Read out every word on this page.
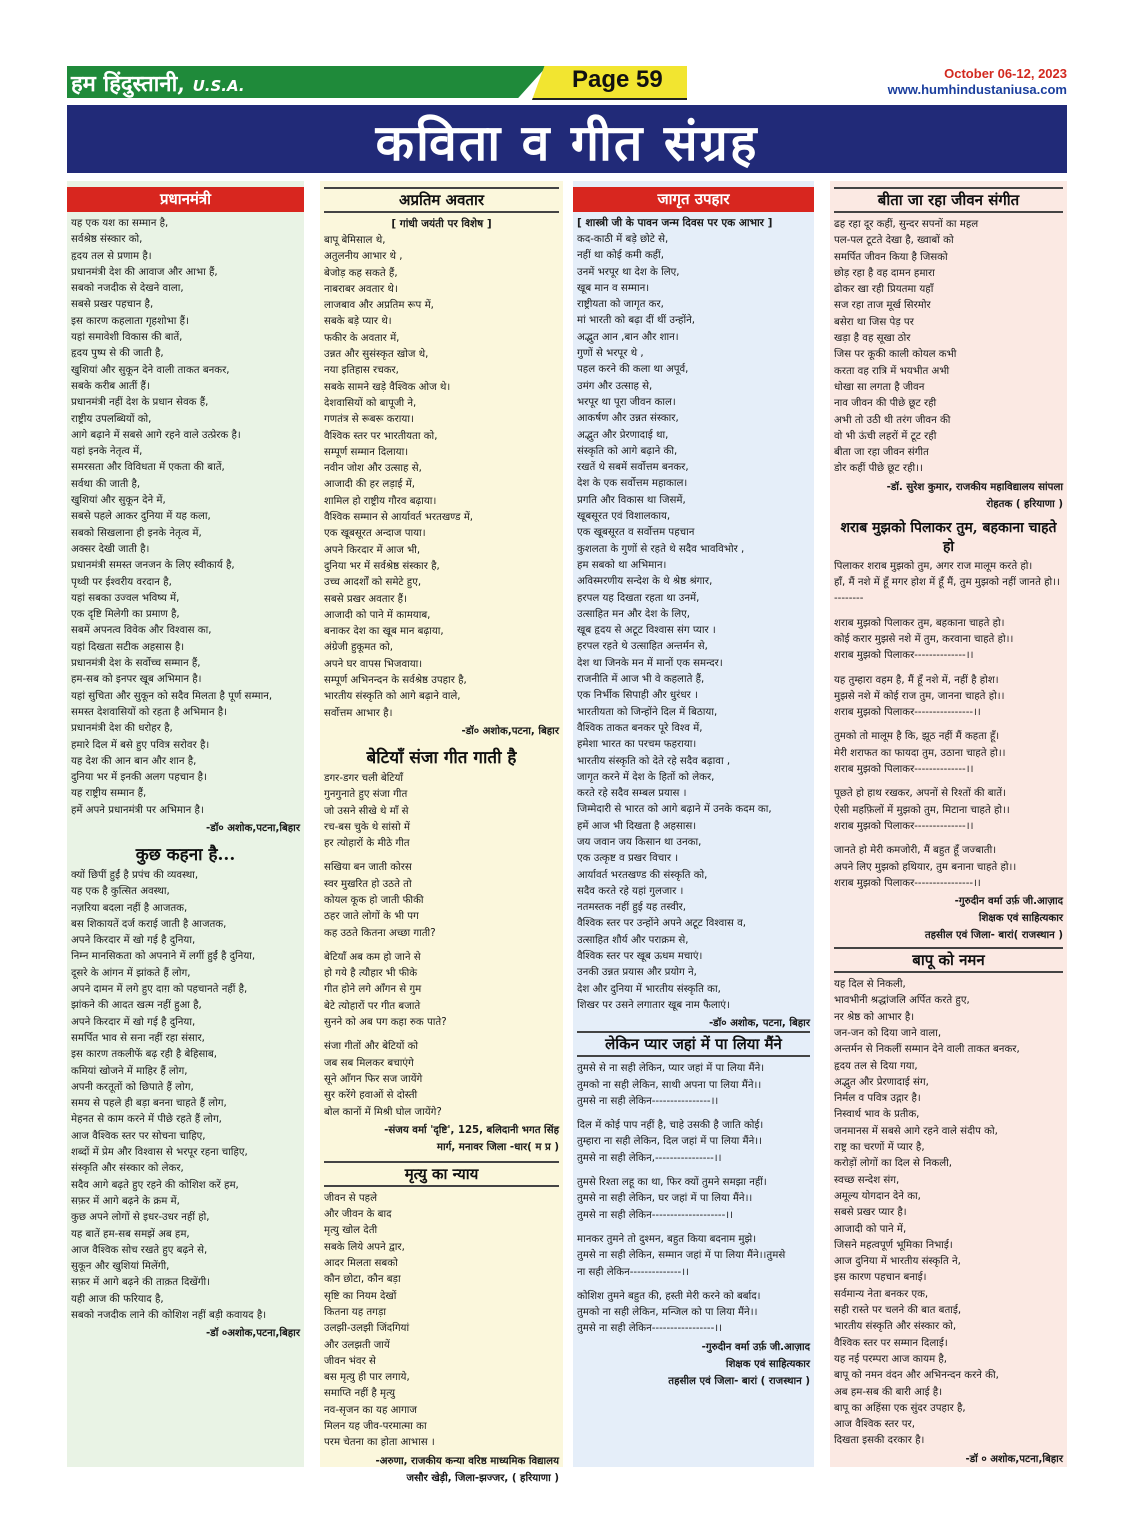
हम हिंदुस्तानी, U.S.A.	Page 59	October 06-12, 2023
www.humhindustaniusa.com
कविता व गीत संग्रह
प्रधानमंत्री
यह एक यश का सम्मान है,
सर्वश्रेष्ठ संस्कार को,
हृदय तल से प्रणाम है।
प्रधानमंत्री देश की आवाज और आभा हैं,
सबको नजदीक से देखने वाला,
सबसे प्रखर पहचान है,
इस कारण कहलाता गृहशोभा हैं।
यहां समावेशी विकास की बातें,
हृदय पुष्प से की जाती है,
खुशियां और सुकून देने वाली ताकत बनकर,
सबके करीब आतीं हैं।
प्रधानमंत्री नहीं देश के प्रधान सेवक हैं,
राष्ट्रीय उपलब्धियों को,
आगे बढ़ाने में सबसे आगे रहने वाले उत्प्रेरक है।
यहां इनके नेतृत्व में,
समरसता और विविधता में एकता की बातें,
सर्वथा की जाती है,
खुशियां और सुकून देने में,
सबसे पहले आकर दुनिया में यह कला,
सबको सिखलाना ही इनके नेतृत्व में,
अक्सर देखी जाती है।
प्रधानमंत्री समस्त जनजन के लिए स्वीकार्य है,
पृथ्वी पर ईश्वरीय वरदान है,
यहां सबका उज्वल भविष्य में,
एक दृष्टि मिलेगी का प्रमाण है,
सबमें अपनत्व विवेक और विश्वास का,
यहां दिखता सटीक अहसास है।
प्रधानमंत्री देश के सर्वोच्च सम्मान हैं,
हम-सब को इनपर खूब अभिमान है।
यहां सुचिता और सुकून को सदैव मिलता है पूर्ण सम्मान,
समस्त देशवासियों को रहता है अभिमान है।
प्रधानमंत्री देश की धरोहर है,
हमारे दिल में बसे हुए पवित्र सरोवर है।
यह देश की आन बान और शान है,
दुनिया भर में इनकी अलग पहचान है।
यह राष्ट्रीय सम्मान हैं,
हमें अपने प्रधानमंत्री पर अभिमान है।
-डॉ० अशोक,पटना,बिहार
कुछ कहना है...
क्यों छिपीं हुईं है प्रपंच की व्यवस्था,
यह एक है कुत्सित अवस्था,
नज़रिया बदला नहीं है आजतक,
बस शिकायतें दर्ज कराई जाती है आजतक,
अपने किरदार में खो गई है दुनिया,
निम्न मानसिकता को अपनाने में लगीं हुईं है दुनिया,
दूसरे के आंगन में झांकते हैं लोग,
अपने दामन में लगे हुए दाग़ को पहचानते नहीं है,
झांकने की आदत खत्म नहीं हुआ है,
अपने किरदार में खो गई है दुनिया,
समर्पित भाव से सना नहीं रहा संसार,
इस कारण तकलीफें बढ़ रही है बेहिसाब,
कमियां खोजने में माहिर हैं लोग,
अपनी करतूतों को छिपाते हैं लोग,
समय से पहले ही बड़ा बनना चाहते हैं लोग,
मेहनत से काम करने में पीछे रहते हैं लोग,
आज वैश्विक स्तर पर सोचना चाहिए,
शब्दों में प्रेम और विश्वास से भरपूर रहना चाहिए,
संस्कृति और संस्कार को लेकर,
सदैव आगे बढ़ते हुए रहने की कोशिश करें हम,
सफ़र में आगे बढ़ने के क्रम में,
कुछ अपने लोगों से इधर-उधर नहीं हो,
यह बातें हम-सब समझें अब हम,
आज वैश्विक सोच रखते हुए बढ़ने से,
सुकून और खुशियां मिलेंगी,
सफ़र में आगे बढ़ने की ताक़त दिखेंगी।
यही आज की फरियाद है,
सबको नजदीक लाने की कोशिश नहीं बड़ी कवायद है।
-डॉ ०अशोक,पटना,बिहार
अप्रतिम अवतार
[ गांधी जयंती पर विशेष ]
बापू बेमिसाल थे,
अतुलनीय आभार थे ,
बेजोड़ कह सकते हैं,
नाबराबर अवतार थे।
लाजबाव और अप्रतिम रूप में,
सबके बड़े प्यार थे।
फकीर के अवतार में,
उन्नत और सुसंस्कृत खोज थे,
नया इतिहास रचकर,
सबके सामने खड़े वैश्विक ओज थे।
देशवासियों को बापूजी ने,
गणतंत्र से रूबरू कराया।
वैश्विक स्तर पर भारतीयता को,
सम्पूर्ण सम्मान दिलाया।
नवीन जोश और उत्साह से,
आजादी की हर लड़ाई में,
शामिल हो राष्ट्रीय गौरव बढ़ाया।
वैश्विक सम्मान से आर्यावर्त भरतखण्ड में,
एक खूबसूरत अन्दाज पाया।
अपने किरदार में आज भी,
दुनिया भर में सर्वश्रेष्ठ संस्कार है,
उच्च आदर्शों को समेटे हुए,
सबसे प्रखर अवतार हैं।
आजादी को पाने में कामयाब,
बनाकर देश का खूब मान बढ़ाया,
अंग्रेजी हुकूमत को,
अपने घर वापस भिजवाया।
सम्पूर्ण अभिनन्दन के सर्वश्रेष्ठ उपहार है,
भारतीय संस्कृति को आगे बढ़ाने वाले,
सर्वोत्तम आभार है।
-डॉ० अशोक,पटना, बिहार
बेटियाँ संजा गीत गाती है
डगर-डगर चली बेटियाँ
गुनगुनाते हुए संजा गीत
जो उसने सीखे थे माँ से
रच-बस चुके थे सांसो में
हर त्योहारों के मीठे गीत
सखिया बन जाती कोरस
स्वर मुखरित हो उठते तो
कोयल कूक हो जाती फीकी
ठहर जाते लोगों के भी पग
कह उठते कितना अच्छा गाती?
बेटियाँ अब कम हो जाने से
हो गये है त्यौहार भी फीके
गीत होने लगे आँगन से गुम
बेटे त्योहारों पर गीत बजाते
सुनने को अब पग कहा रुक पाते?
संजा गीतों और बेटियों को
जब सब मिलकर बचाएंगे
सूने आँगन फिर सज जायेंगे
सुर करेंगे हवाओं से दोस्ती
बोल कानों में मिश्री घोल जायेंगे?
-संजय वर्मा 'दृष्टि', 125, बलिदानी भगत सिंह
मार्ग, मनावर जिला -धार( म प्र )
मृत्यु का न्याय
जीवन से पहले
और जीवन के बाद
मृत्यु खोल देती
सबके लिये अपने द्वार,
आदर मिलता सबको
कौन छोटा, कौन बड़ा
सृष्टि का नियम देखों
कितना यह तगड़ा
उलझी-उलझी जिंदगियां
और उलझती जायें
जीवन भंवर से
बस मृत्यु ही पार लगाये,
समाप्ति नहीं है मृत्यु
नव-सृजन का यह आगाज
मिलन यह जीव-परमात्मा का
परम चेतना का होता आभास ।
-अरुणा, राजकीय कन्या वरिष्ठ माध्यमिक विद्यालय
जसौर खेड़ी, जिला-झज्जर, ( हरियाणा )
जागृत उपहार
[ शास्त्री जी के पावन जन्म दिवस पर एक आभार ]
कद-काठी में बड़े छोटे से,
नहीं था कोई कमी कहीं,
उनमें भरपूर था देश के लिए,
खूब मान व सम्मान।
राष्ट्रीयता को जागृत कर,
मां भारती को बढ़ा दीं थीं उन्होंने,
अद्भुत आन ,बान और शान।
गुणों से भरपूर थे ,
पहल करने की कला था अपूर्व,
उमंग और उत्साह से,
भरपूर था पूरा जीवन काल।
आकर्षण और उन्नत संस्कार,
अद्भुत और प्रेरणादाई था,
संस्कृति को आगे बढ़ाने की,
रखतें थे सबमें सर्वोत्तम बनकर,
देश के एक सर्वोत्तम महाकाल।
प्रगति और विकास था जिसमें,
खूबसूरत एवं विशालकाय,
एक खूबसूरत व सर्वोत्तम पहचान
कुशलता के गुणों से रहते थे सदैव भावविभोर ,
हम सबको था अभिमान।
अविस्मरणीय सन्देश के थे श्रेष्ठ श्रंगार,
हरपल यह दिखता रहता था उनमें,
उत्साहित मन और देश के लिए,
खूब हृदय से अटूट विश्वास संग प्यार ।
हरपल रहते थे उत्साहित अन्तर्मन से,
देश था जिनके मन में मानों एक समन्दर।
राजनीति में आज भी वे कहलाते हैं,
एक निर्भीक सिपाही और धुरंधर ।
भारतीयता को जिन्होंने दिल में बिठाया,
वैश्विक ताकत बनकर पूरे विश्व में,
हमेशा भारत का परचम फहराया।
भारतीय संस्कृति को देते रहे सदैव बढ़ावा ,
जागृत करने में देश के हितों को लेकर,
करते रहे सदैव सम्बल प्रयास ।
जिम्मेदारी से भारत को आगे बढ़ाने में उनके कदम का,
हमें आज भी दिखता है अहसास।
जय जवान जय किसान था उनका,
एक उत्कृष्ट व प्रखर विचार ।
आर्यावर्त भरतखण्ड की संस्कृति को,
सदैव करते रहे यहां गुलजार ।
नतमस्तक नहीं हुई यह तस्वीर,
वैश्विक स्तर पर उन्होंने अपने अटूट विश्वास व,
उत्साहित शौर्य और पराक्रम से,
वैश्विक स्तर पर खूब ऊधम मचाएं।
उनकी उन्नत प्रयास और प्रयोग ने,
देश और दुनिया में भारतीय संस्कृति का,
शिखर पर उसने लगातार खूब नाम फैलाएं।
-डॉ० अशोक, पटना, बिहार
लेकिन प्यार जहां में पा लिया मैंने
तुमसे से ना सही लेकिन, प्यार जहां में पा लिया मैंने।
तुमको ना सही लेकिन, साथी अपना पा लिया मैंने।।
तुमसे ना सही लेकिन----------------।।
दिल में कोई पाप नहीं है, चाहे उसकी है जाति कोई।
तुम्हारा ना सही लेकिन, दिल जहां में पा लिया मैंने।।
तुमसे ना सही लेकिन,----------------।।
तुमसे रिश्ता लहू का था, फिर क्यों तुमने समझा नहीं।
तुमसे ना सही लेकिन, घर जहां में पा लिया मैंने।।
तुमसे ना सही लेकिन--------------------।।
मानकर तुमने तो दुश्मन, बहुत किया बदनाम मुझे।
तुमसे ना सही लेकिन, सम्मान जहां में पा लिया मैंने।।तुमसे
ना सही लेकिन--------------।।
कोशिश तुमने बहुत की, हस्ती मेरी करने को बर्बाद।
तुमको ना सही लेकिन, मन्जिल को पा लिया मैंने।।
तुमसे ना सही लेकिन-----------------।।
-गुरुदीन वर्मा उर्फ़ जी.आज़ाद
शिक्षक एवं साहित्यकार
तहसील एवं जिला- बारां ( राजस्थान )
बीता जा रहा जीवन संगीत
ढह रहा दूर कहीं, सुन्दर सपनों का महल
पल-पल टूटते देखा है, ख्वाबों को
समर्पित जीवन किया है जिसको
छोड़ रहा है वह दामन हमारा
ढोकर खा रही प्रियतमा यहाँ
सज रहा ताज मूर्ख सिरमोर
बसेरा था जिस पेड़ पर
खड़ा है वह सूखा ठोर
जिस पर कूकी काली कोयल कभी
करता वह रात्रि में भयभीत अभी
धोखा सा लगता है जीवन
नाव जीवन की पीछे छूट रही
अभी तो उठी थी तरंग जीवन की
वो भी ऊंची लहरों में टूट रही
बीता जा रहा जीवन संगीत
डोर कहीं पीछे छूट रही।।
-डॉ. सुरेश कुमार, राजकीय महाविद्यालय सांपला
रोहतक ( हरियाणा )
शराब मुझको पिलाकर तुम, बहकाना चाहते हो
पिलाकर शराब मुझको तुम, अगर राज मालूम करते हो।
हाँ, मैं नशे में हूँ मगर होश में हूँ मैं, तुम मुझको नहीं जानते हो।।
--------
शराब मुझको पिलाकर तुम, बहकाना चाहते हो।
कोई करार मुझसे नशे में तुम, करवाना चाहते हो।।
शराब मुझको पिलाकर--------------।।
यह तुम्हारा वहम है, मैं हूँ नशे में, नहीं है होश।
मुझसे नशे में कोई राज तुम, जानना चाहते हो।।
शराब मुझको पिलाकर----------------।।
तुमको तो मालूम है कि, झूठ नहीं मैं कहता हूँ।
मेरी शराफत का फायदा तुम, उठाना चाहते हो।।
शराब मुझको पिलाकर--------------।।
पूछते हो हाथ रखकर, अपनों से रिश्तों की बातें।
ऐसी महफ़िलों में मुझको तुम, मिटाना चाहते हो।।
शराब मुझको पिलाकर--------------।।
जानते हो मेरी कमजोरी, मैं बहुत हूँ जज्बाती।
अपने लिए मुझको हथियार, तुम बनाना चाहते हो।।
शराब मुझको पिलाकर----------------।।
-गुरुदीन वर्मा उर्फ़ जी.आज़ाद
शिक्षक एवं साहित्यकार
तहसील एवं जिला- बारां( राजस्थान )
बापू को नमन
यह दिल से निकली,
भावभीनी श्रद्धांजलि अर्पित करते हुए,
नर श्रेष्ठ को आभार है।
जन-जन को दिया जाने वाला,
अन्तर्मन से निकलीं सम्मान देने वाली ताकत बनकर,
हृदय तल से दिया गया,
अद्भुत और प्रेरणादाई संग,
निर्मल व पवित्र उद्गार है।
निस्वार्थ भाव के प्रतीक,
जनमानस में सबसे आगे रहने वाले संदीप को,
राष्ट्र का चरणों में प्यार है,
करोड़ों लोगों का दिल से निकली,
स्वच्छ सन्देश संग,
अमूल्य योगदान देने का,
सबसे प्रखर प्यार है।
आजादी को पाने में,
जिसने महत्वपूर्ण भूमिका निभाई।
आज दुनिया में भारतीय संस्कृति ने,
इस कारण पहचान बनाई।
सर्वमान्य नेता बनकर एक,
सही रास्ते पर चलने की बात बताई,
भारतीय संस्कृति और संस्कार को,
वैश्विक स्तर पर सम्मान दिलाई।
यह नई परम्परा आज कायम है,
बापू को नमन वंदन और अभिनन्दन करने की,
अब हम-सब की बारी आई है।
बापू का अहिंसा एक सुंदर उपहार है,
आज वैश्विक स्तर पर,
दिखता इसकी दरकार है।
-डॉ ० अशोक,पटना,बिहार
